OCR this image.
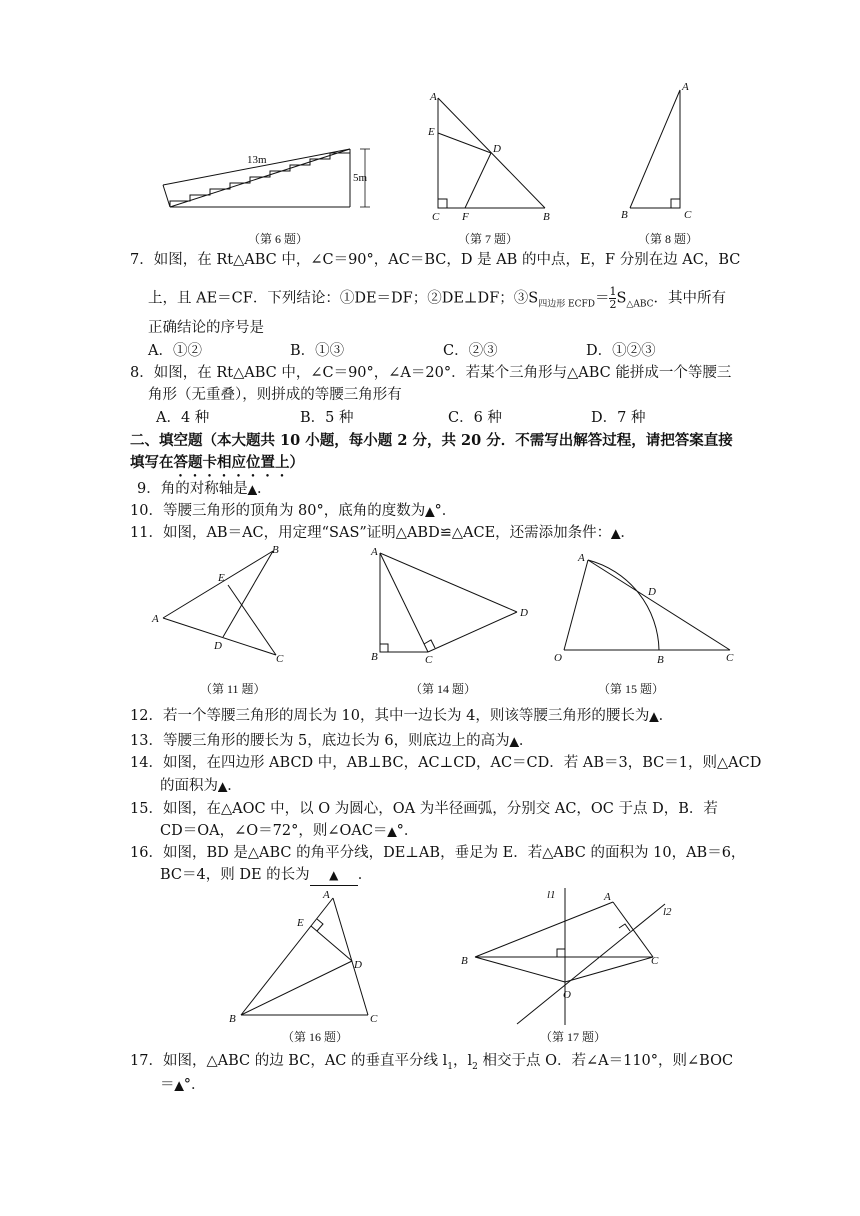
13m
5m
（第 6 题）
A
E
D
C F	B
（第 7 题）
A
B	C
（第 8 题）
7．如图，在 Rt△ABC 中，∠C＝90°，AC＝BC，D 是 AB 的中点，E，F 分别在边 AC，BC
上，且 AE＝CF．下列结论：①DE＝DF；②DE⊥DF；$③S_{四边形 ECFD}= \frac{1}{2} S_{\triangle ABC}$．其中所有
正确结论的序号是
A．①②	B．①③	C．②③	D．①②③
8．如图，在 Rt△ABC 中，∠C＝90°，∠A＝20°．若某个三角形与△ABC 能拼成一个等腰三
角形（无重叠），则拼成的等腰三角形有
A．4 种	B．5 种	C．6 种	D．7 种
二、填空题（本大题共 10 小题，每小题 2 分，共 20 分．不需写出解答过程，请把答案直接
填写在答题卡相应位置上）
9．角的对称轴是▲．
10．等腰三角形的顶角为 80°，底角的度数为▲°．
11．如图，AB＝AC，用定理“SAS”证明△ABD≌△ACE，还需添加条件：▲．
B
E
A
D
C
（第 11 题）
A
D
B	C
（第 14 题）
A
D
O	B	C
（第 15 题）
12．若一个等腰三角形的周长为 10，其中一边长为 4，则该等腰三角形的腰长为▲．
13．等腰三角形的腰长为 5，底边长为 6，则底边上的高为▲．
14．如图，在四边形 ABCD 中，AB⊥BC，AC⊥CD，AC＝CD．若 AB＝3，BC＝1，则△ACD
的面积为▲．
15．如图，在△AOC 中，以 O 为圆心，OA 为半径画弧，分别交 AC，OC 于点 D，B．若
CD＝OA，∠O＝72°，则∠OAC＝▲°．
16．如图，BD 是△ABC 的角平分线，DE⊥AB，垂足为 E．若△ABC 的面积为 10，AB＝6，
BC＝4，则 DE 的长为 ▲ ．
A
E
D
B	C
（第 16 题）
l1	A
l2
B	C
O
（第 17 题）
17．如图，△ABC 的边 BC，AC 的垂直平分线 $l_1$，$l_2$ 相交于点 O．若∠A＝110°，则∠BOC
＝▲°．
